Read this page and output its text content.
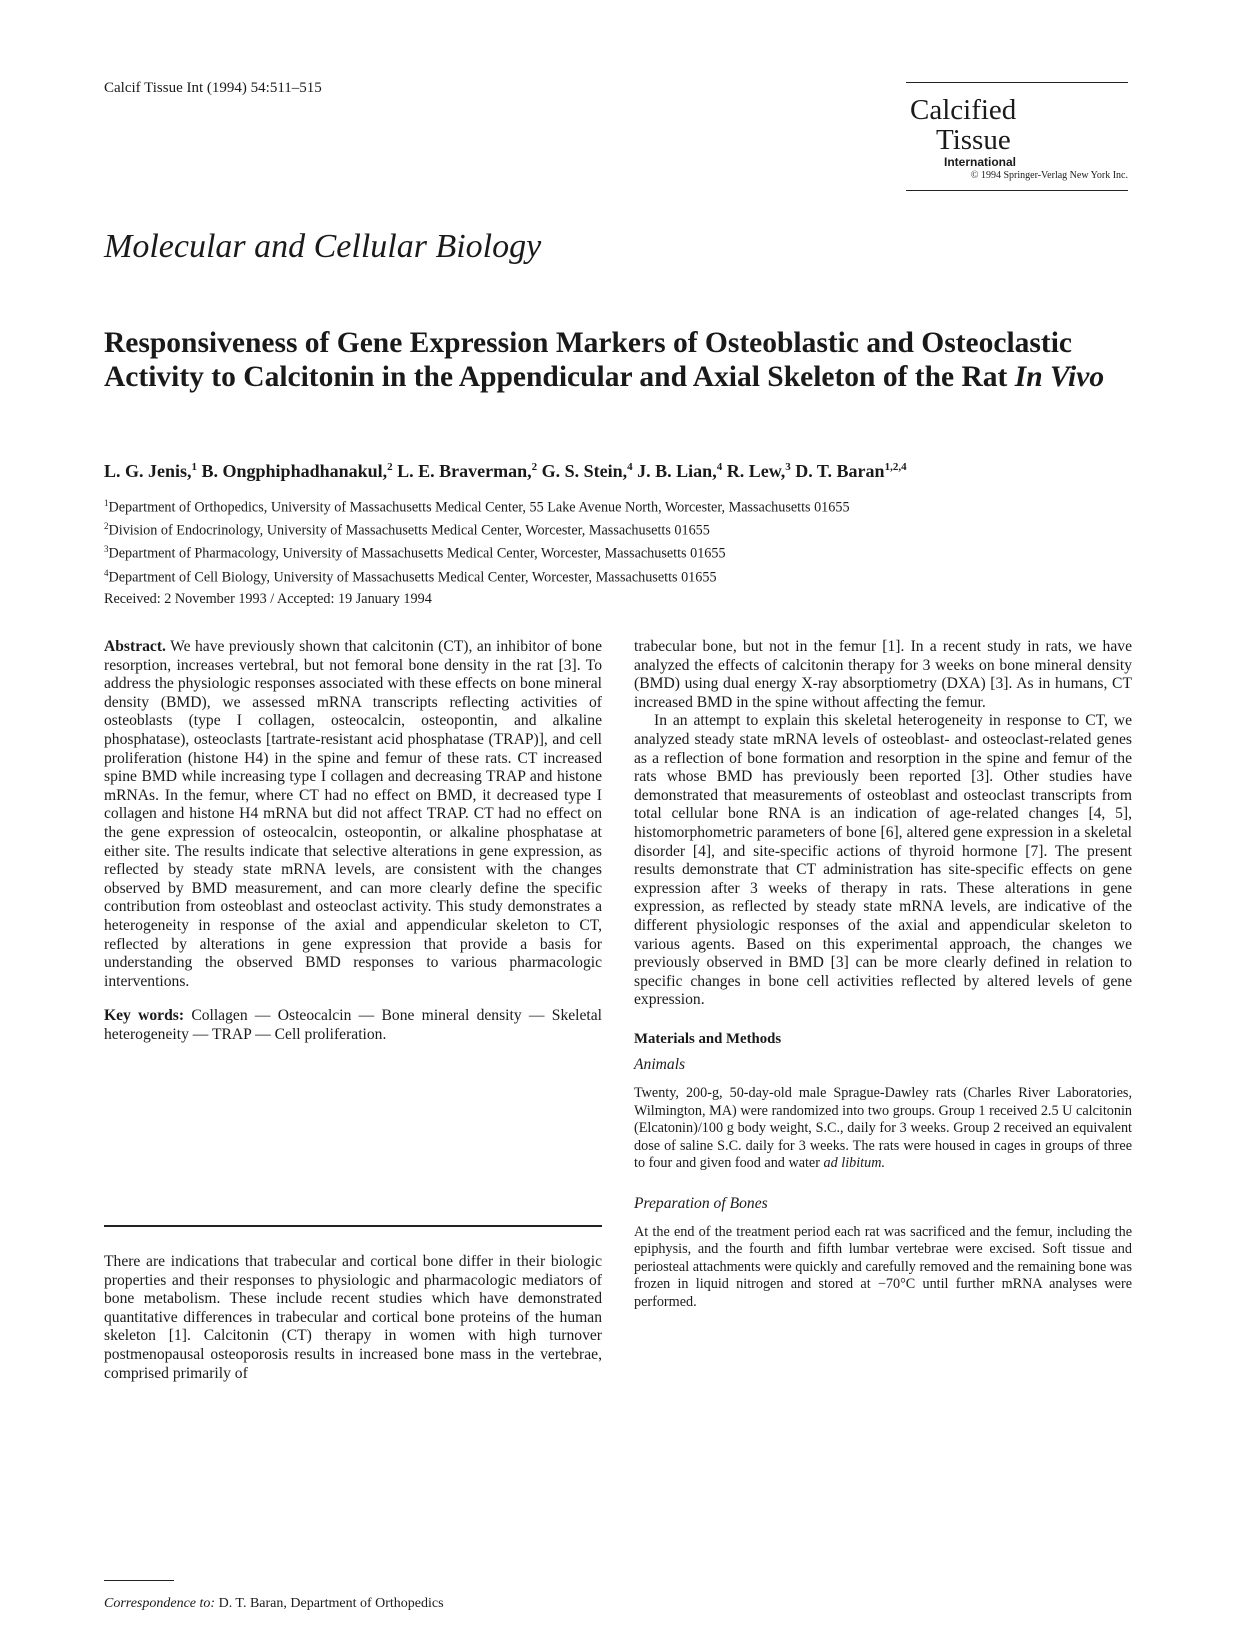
Calcif Tissue Int (1994) 54:511–515
Calcified
Tissue
International
© 1994 Springer-Verlag New York Inc.
Molecular and Cellular Biology
Responsiveness of Gene Expression Markers of Osteoblastic and Osteoclastic Activity to Calcitonin in the Appendicular and Axial Skeleton of the Rat In Vivo
L. G. Jenis,$^1$ B. Ongphiphadhanakul,$^2$ L. E. Braverman,$^2$ G. S. Stein,$^4$ J. B. Lian,$^4$ R. Lew,$^3$ D. T. Baran$^{1,2,4}$
$^1$Department of Orthopedics, University of Massachusetts Medical Center, 55 Lake Avenue North, Worcester, Massachusetts 01655
$^2$Division of Endocrinology, University of Massachusetts Medical Center, Worcester, Massachusetts 01655
$^3$Department of Pharmacology, University of Massachusetts Medical Center, Worcester, Massachusetts 01655
$^4$Department of Cell Biology, University of Massachusetts Medical Center, Worcester, Massachusetts 01655
Received: 2 November 1993 / Accepted: 19 January 1994

Abstract. We have previously shown that calcitonin (CT), an inhibitor of bone resorption, increases vertebral, but not femoral bone density in the rat [3]. To address the physiologic responses associated with these effects on bone mineral density (BMD), we assessed mRNA transcripts reflecting activities of osteoblasts (type I collagen, osteocalcin, osteopontin, and alkaline phosphatase), osteoclasts [tartrate-resistant acid phosphatase (TRAP)], and cell proliferation (histone H4) in the spine and femur of these rats. CT increased spine BMD while increasing type I collagen and decreasing TRAP and histone mRNAs. In the femur, where CT had no effect on BMD, it decreased type I collagen and histone H4 mRNA but did not affect TRAP. CT had no effect on the gene expression of osteocalcin, osteopontin, or alkaline phosphatase at either site. The results indicate that selective alterations in gene expression, as reflected by steady state mRNA levels, are consistent with the changes observed by BMD measurement, and can more clearly define the specific contribution from osteoblast and osteoclast activity. This study demonstrates a heterogeneity in response of the axial and appendicular skeleton to CT, reflected by alterations in gene expression that provide a basis for understanding the observed BMD responses to various pharmacologic interventions.

Key words: Collagen — Osteocalcin — Bone mineral density — Skeletal heterogeneity — TRAP — Cell proliferation.

There are indications that trabecular and cortical bone differ in their biologic properties and their responses to physiologic and pharmacologic mediators of bone metabolism. These include recent studies which have demonstrated quantitative differences in trabecular and cortical bone proteins of the human skeleton [1]. Calcitonin (CT) therapy in women with high turnover postmenopausal osteoporosis results in increased bone mass in the vertebrae, comprised primarily of

Correspondence to: D. T. Baran, Department of Orthopedics

trabecular bone, but not in the femur [1]. In a recent study in rats, we have analyzed the effects of calcitonin therapy for 3 weeks on bone mineral density (BMD) using dual energy X-ray absorptiometry (DXA) [3]. As in humans, CT increased BMD in the spine without affecting the femur.

In an attempt to explain this skeletal heterogeneity in response to CT, we analyzed steady state mRNA levels of osteoblast- and osteoclast-related genes as a reflection of bone formation and resorption in the spine and femur of the rats whose BMD has previously been reported [3]. Other studies have demonstrated that measurements of osteoblast and osteoclast transcripts from total cellular bone RNA is an indication of age-related changes [4, 5], histomorphometric parameters of bone [6], altered gene expression in a skeletal disorder [4], and site-specific actions of thyroid hormone [7]. The present results demonstrate that CT administration has site-specific effects on gene expression after 3 weeks of therapy in rats. These alterations in gene expression, as reflected by steady state mRNA levels, are indicative of the different physiologic responses of the axial and appendicular skeleton to various agents. Based on this experimental approach, the changes we previously observed in BMD [3] can be more clearly defined in relation to specific changes in bone cell activities reflected by altered levels of gene expression.

Materials and Methods

Animals

Twenty, 200-g, 50-day-old male Sprague-Dawley rats (Charles River Laboratories, Wilmington, MA) were randomized into two groups. Group 1 received 2.5 U calcitonin (Elcatonin)/100 g body weight, S.C., daily for 3 weeks. Group 2 received an equivalent dose of saline S.C. daily for 3 weeks. The rats were housed in cages in groups of three to four and given food and water ad libitum.

Preparation of Bones

At the end of the treatment period each rat was sacrificed and the femur, including the epiphysis, and the fourth and fifth lumbar vertebrae were excised. Soft tissue and periosteal attachments were quickly and carefully removed and the remaining bone was frozen in liquid nitrogen and stored at −70°C until further mRNA analyses were performed.
